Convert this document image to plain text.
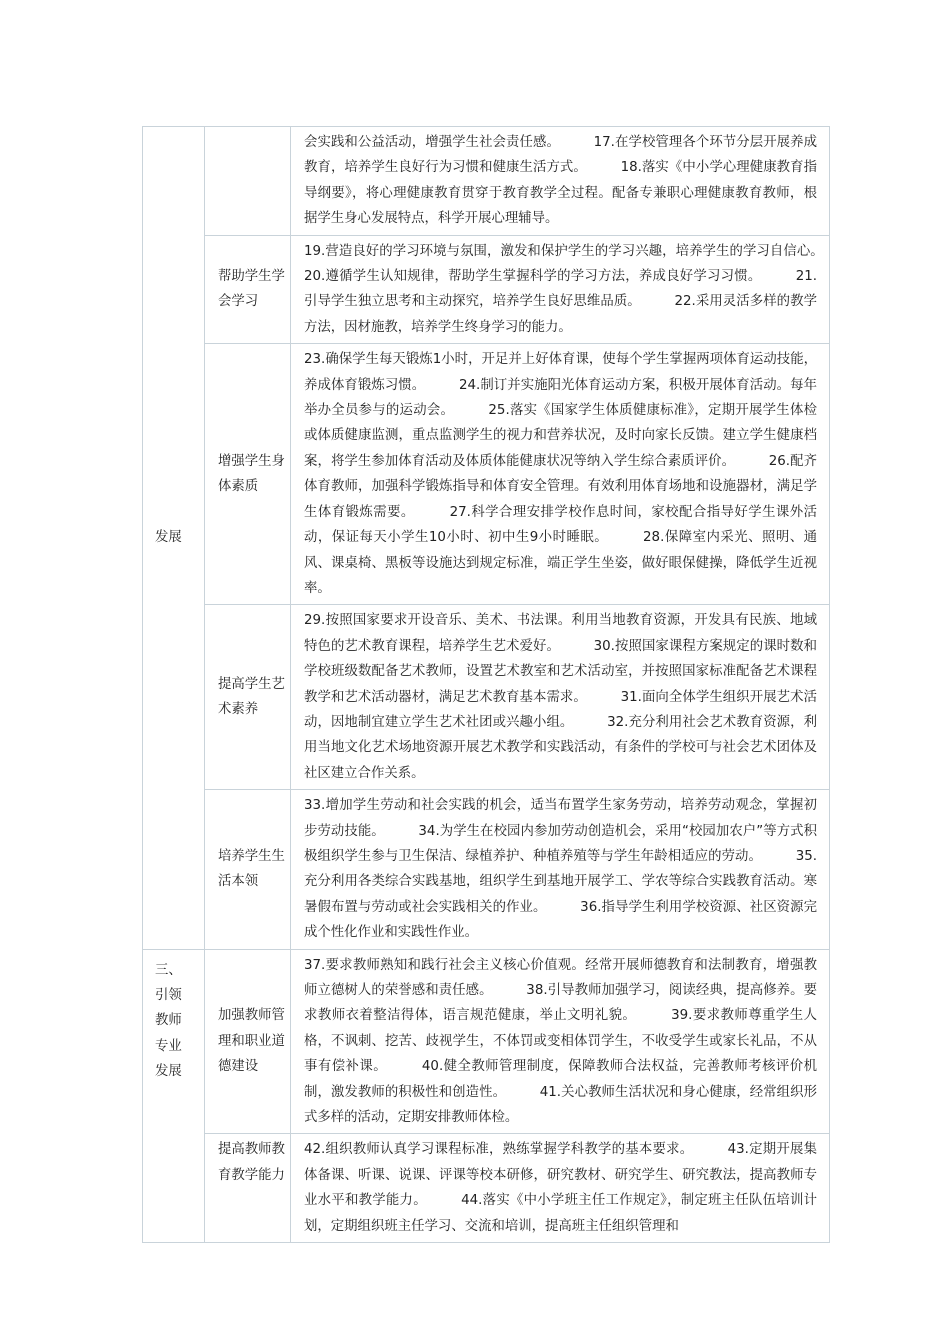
发展		会实践和公益活动，增强学生社会责任感。　　　17.在学校管理各个环节分层开展养成教育，培养学生良好行为习惯和健康生活方式。　　　18.落实《中小学心理健康教育指导纲要》，将心理健康教育贯穿于教育教学全过程。配备专兼职心理健康教育教师，根据学生身心发展特点，科学开展心理辅导。
	帮助学生学会学习	19.营造良好的学习环境与氛围，激发和保护学生的学习兴趣，培养学生的学习自信心。　　　20.遵循学生认知规律，帮助学生掌握科学的学习方法，养成良好学习习惯。　　　21.引导学生独立思考和主动探究，培养学生良好思维品质。　　　22.采用灵活多样的教学方法，因材施教，培养学生终身学习的能力。
	增强学生身体素质	23.确保学生每天锻炼1小时，开足并上好体育课，使每个学生掌握两项体育运动技能，养成体育锻炼习惯。　　　24.制订并实施阳光体育运动方案，积极开展体育活动。每年举办全员参与的运动会。　　　25.落实《国家学生体质健康标准》，定期开展学生体检或体质健康监测，重点监测学生的视力和营养状况，及时向家长反馈。建立学生健康档案，将学生参加体育活动及体质体能健康状况等纳入学生综合素质评价。　　　26.配齐体育教师，加强科学锻炼指导和体育安全管理。有效利用体育场地和设施器材，满足学生体育锻炼需要。　　　27.科学合理安排学校作息时间，家校配合指导好学生课外活动，保证每天小学生10小时、初中生9小时睡眠。　　　28.保障室内采光、照明、通风、课桌椅、黑板等设施达到规定标准，端正学生坐姿，做好眼保健操，降低学生近视率。
	提高学生艺术素养	29.按照国家要求开设音乐、美术、书法课。利用当地教育资源，开发具有民族、地域特色的艺术教育课程，培养学生艺术爱好。　　　30.按照国家课程方案规定的课时数和学校班级数配备艺术教师，设置艺术教室和艺术活动室，并按照国家标准配备艺术课程教学和艺术活动器材，满足艺术教育基本需求。　　　31.面向全体学生组织开展艺术活动，因地制宜建立学生艺术社团或兴趣小组。　　　32.充分利用社会艺术教育资源，利用当地文化艺术场地资源开展艺术教学和实践活动，有条件的学校可与社会艺术团体及社区建立合作关系。
	培养学生生活本领	33.增加学生劳动和社会实践的机会，适当布置学生家务劳动，培养劳动观念，掌握初步劳动技能。　　　34.为学生在校园内参加劳动创造机会，采用“校园加农户”等方式积极组织学生参与卫生保洁、绿植养护、种植养殖等与学生年龄相适应的劳动。　　　35.充分利用各类综合实践基地，组织学生到基地开展学工、学农等综合实践教育活动。寒暑假布置与劳动或社会实践相关的作业。　　　36.指导学生利用学校资源、社区资源完成个性化作业和实践性作业。

三、引领教师专业发展	加强教师管理和职业道德建设	37.要求教师熟知和践行社会主义核心价值观。经常开展师德教育和法制教育，增强教师立德树人的荣誉感和责任感。　　　38.引导教师加强学习，阅读经典，提高修养。要求教师衣着整洁得体，语言规范健康，举止文明礼貌。　　　39.要求教师尊重学生人格，不讽刺、挖苦、歧视学生，不体罚或变相体罚学生，不收受学生或家长礼品，不从事有偿补课。　　　40.健全教师管理制度，保障教师合法权益，完善教师考核评价机制，激发教师的积极性和创造性。　　　41.关心教师生活状况和身心健康，经常组织形式多样的活动，定期安排教师体检。
	提高教师教育教学能力	42.组织教师认真学习课程标准，熟练掌握学科教学的基本要求。　　　43.定期开展集体备课、听课、说课、评课等校本研修，研究教材、研究学生、研究教法，提高教师专业水平和教学能力。　　　44.落实《中小学班主任工作规定》，制定班主任队伍培训计划，定期组织班主任学习、交流和培训，提高班主任组织管理和
